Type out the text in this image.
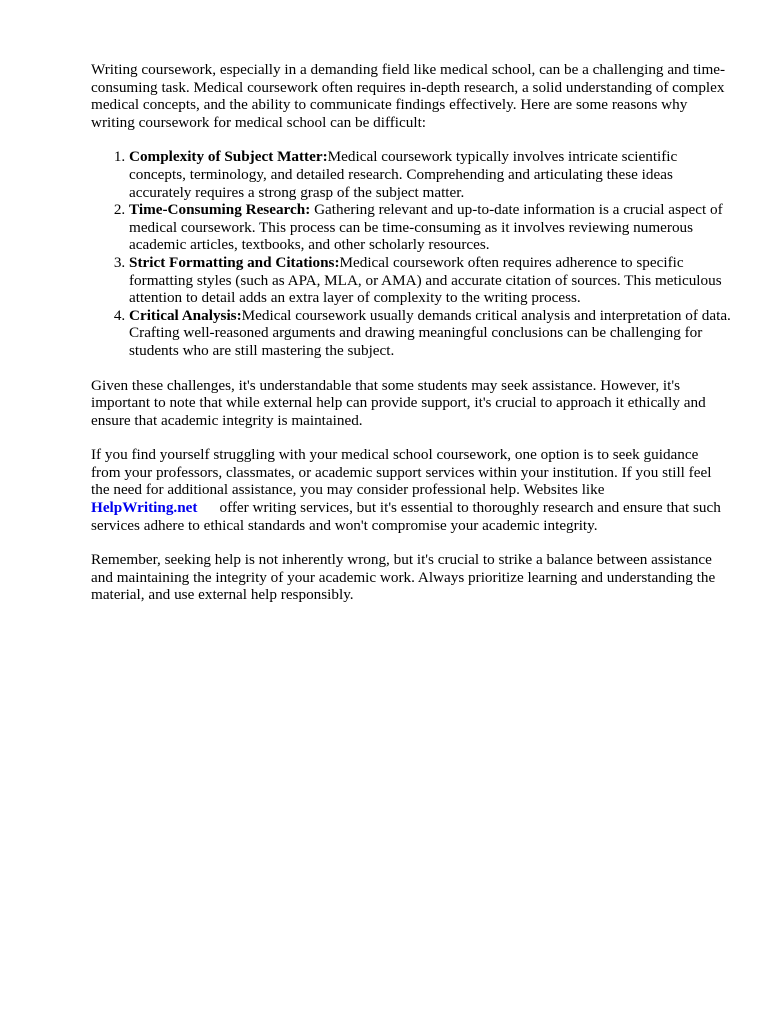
Writing coursework, especially in a demanding field like medical school, can be a challenging and time-consuming task. Medical coursework often requires in-depth research, a solid understanding of complex medical concepts, and the ability to communicate findings effectively. Here are some reasons why writing coursework for medical school can be difficult:

1. Complexity of Subject Matter:Medical coursework typically involves intricate scientific concepts, terminology, and detailed research. Comprehending and articulating these ideas accurately requires a strong grasp of the subject matter.
2. Time-Consuming Research: Gathering relevant and up-to-date information is a crucial aspect of medical coursework. This process can be time-consuming as it involves reviewing numerous academic articles, textbooks, and other scholarly resources.
3. Strict Formatting and Citations:Medical coursework often requires adherence to specific formatting styles (such as APA, MLA, or AMA) and accurate citation of sources. This meticulous attention to detail adds an extra layer of complexity to the writing process.
4. Critical Analysis:Medical coursework usually demands critical analysis and interpretation of data. Crafting well-reasoned arguments and drawing meaningful conclusions can be challenging for students who are still mastering the subject.

Given these challenges, it's understandable that some students may seek assistance. However, it's important to note that while external help can provide support, it's crucial to approach it ethically and ensure that academic integrity is maintained.

If you find yourself struggling with your medical school coursework, one option is to seek guidance from your professors, classmates, or academic support services within your institution. If you still feel the need for additional assistance, you may consider professional help. Websites like HelpWriting.net offer writing services, but it's essential to thoroughly research and ensure that such services adhere to ethical standards and won't compromise your academic integrity.

Remember, seeking help is not inherently wrong, but it's crucial to strike a balance between assistance and maintaining the integrity of your academic work. Always prioritize learning and understanding the material, and use external help responsibly.
